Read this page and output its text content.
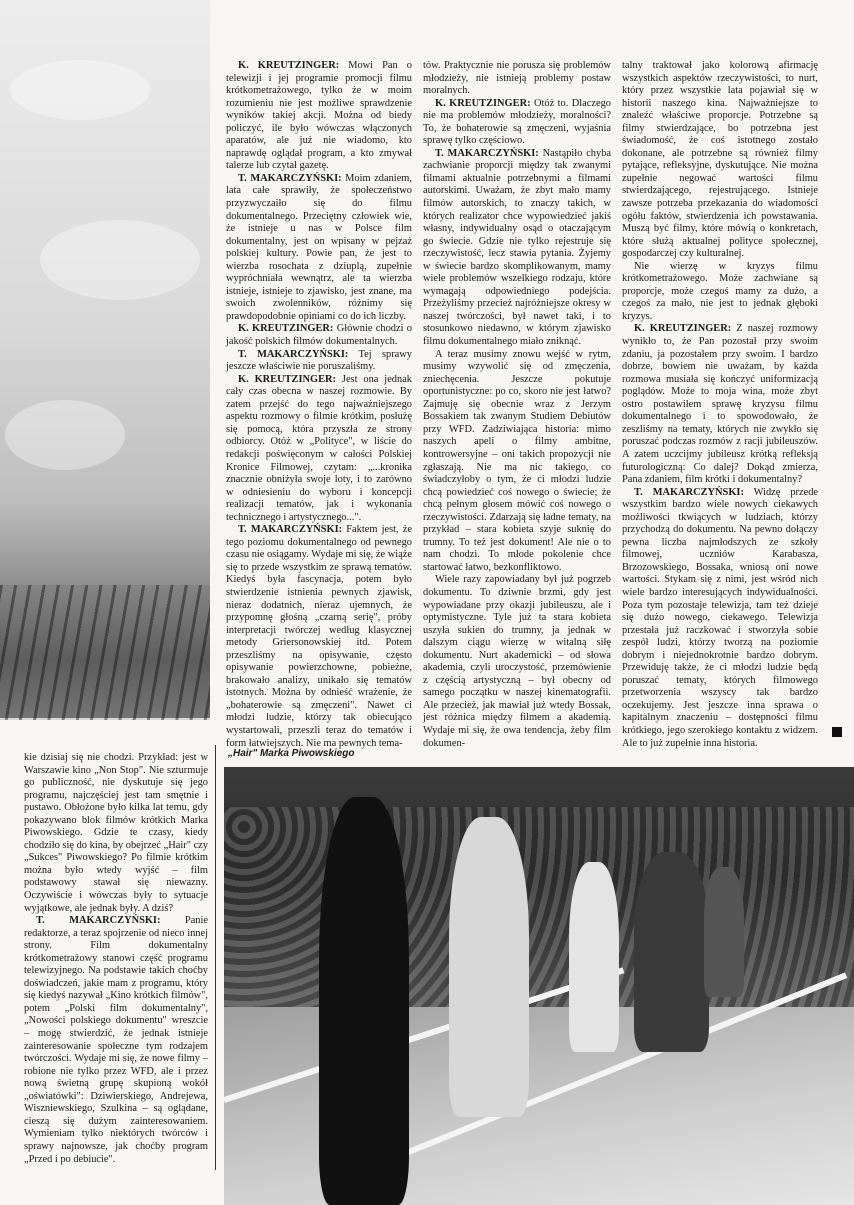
K. KREUTZINGER: Mowi Pan o telewizji i jej programie promocji filmu krótkometrażowego, tylko że w moim rozumieniu nie jest możliwe sprawdzenie wyników takiej akcji. Można od biedy policzyć, ile było wówczas włączonych aparatów, ale już nie wiadomo, kto naprawdę oglądał program, a kto zmywał talerze lub czytał gazetę.

T. MAKARCZYŃSKI: Moim zdaniem, lata całe sprawiły, że społeczeństwo przyzwyczaiło się do filmu dokumentalnego. Przeciętny człowiek wie, że istnieje u nas w Polsce film dokumentalny, jest on wpisany w pejzaż polskiej kultury. Powie pan, że jest to wierzba rosochata z dziuplą, zupełnie wypróchniała wewnątrz, ale ta wierzba istnieje, istnieje to zjawisko, jest znane, ma swoich zwolenników, różnimy się prawdopodobnie opiniami co do ich liczby.

K. KREUTZINGER: Głównie chodzi o jakość polskich filmów dokumentalnych.

T. MAKARCZYŃSKI: Tej sprawy jeszcze właściwie nie poruszaliśmy.

K. KREUTZINGER: Jest ona jednak cały czas obecna w naszej rozmowie. By zatem przejść do tego najważniejszego aspektu rozmowy o filmie krótkim, posłużę się pomocą, która przyszła ze strony odbiorcy. Otóż w „Polityce", w liście do redakcji poświęconym w całości Polskiej Kronice Filmowej, czytam: „...kronika znacznie obniżyła swoje loty, i to zarówno w odniesieniu do wyboru i koncepcji realizacji tematów, jak i wykonania technicznego i artystycznego...".

T. MAKARCZYŃSKI: Faktem jest, że tego poziomu dokumentalnego od pewnego czasu nie osiągamy. Wydaje mi się, że wiąże się to przede wszystkim ze sprawą tematów. Kiedyś była fascynacja, potem było stwierdzenie istnienia pewnych zjawisk, nieraz dodatnich, nieraz ujemnych, że przypomnę głośną „czarną serię", próby interpretacji twórczej według klasycznej metody Griersonowskiej itd. Potem przeszliśmy na opisywanie, często opisywanie powierzchowne, pobieżne, brakowało analizy, unikało się tematów istotnych. Można by odnieść wrażenie, że „bohaterowie są zmęczeni". Nawet ci młodzi ludzie, którzy tak obiecująco wystartowali, przeszli teraz do tematów i form łatwiejszych. Nie ma pewnych tema-

tów. Praktycznie nie porusza się problemów młodzieży, nie istnieją problemy postaw moralnych.

K. KREUTZINGER: Otóż to. Dlaczego nie ma problemów młodzieży, moralności? To, że bohaterowie są zmęczeni, wyjaśnia sprawę tylko częściowo.

T. MAKARCZYŃSKI: Nastąpiło chyba zachwianie proporcji między tak zwanymi filmami aktualnie potrzebnymi a filmami autorskimi. Uważam, że zbyt mało mamy filmów autorskich, to znaczy takich, w których realizator chce wypowiedzieć jakiś własny, indywidualny osąd o otaczającym go świecie. Gdzie nie tylko rejestruje się rzeczywistość, lecz stawia pytania. Żyjemy w świecie bardzo skomplikowanym, mamy wiele problemów wszelkiego rodzaju, które wymagają odpowiedniego podejścia. Przeżyliśmy przecież najróżniejsze okresy w naszej twórczości, był nawet taki, i to stosunkowo niedawno, w którym zjawisko filmu dokumentalnego miało zniknąć.

A teraz musimy znowu wejść w rytm, musimy wzywolić się od zmęczenia, zniechęcenia. Jeszcze pokutuje oportunistyczne: po co, skoro nie jest łatwo? Zajmuję się obecnie wraz z Jerzym Bossakiem tak zwanym Studiem Debiutów przy WFD. Zadziwiająca historia: mimo naszych apeli o filmy ambitne, kontrowersyjne – oni takich propozycji nie zgłaszają. Nie ma nic takiego, co świadczyłoby o tym, że ci młodzi ludzie chcą powiedzieć coś nowego o świecie; że chcą pełnym głosem mówić coś nowego o rzeczywistości. Zdarzają się ładne tematy, na przykład – stara kobieta szyje suknię do trumny. To też jest dokument! Ale nie o to nam chodzi. To młode pokolenie chce startować łatwo, bezkonfliktowo.

Wiele razy zapowiadany był już pogrzeb dokumentu. To dziwnie brzmi, gdy jest wypowiadane przy okazji jubileuszu, ale i optymistyczne. Tyle już ta stara kobieta uszyła sukien do trumny, ja jednak w dalszym ciągu wierzę w witalną siłę dokumentu. Nurt akademicki – od słowa akademia, czyli uroczystość, przemówienie z częścią artystyczną – był obecny od samego początku w naszej kinematografii. Ale przecież, jak mawiał już wtedy Bossak, jest różnica między filmem a akademią. Wydaje mi się, że owa tendencja, żeby film dokumen-

talny traktował jako kolorową afirmację wszystkich aspektów rzeczywistości, to nurt, który przez wszystkie lata pojawiał się w historii naszego kina. Najważniejsze to znaleźć właściwe proporcje. Potrzebne są filmy stwierdzające, bo potrzebna jest świadomość, że coś istotnego zostało dokonane, ale potrzebne są również filmy pytające, refleksyjne, dyskutujące. Nie można zupełnie negować wartości filmu stwierdzającego, rejestrującego. Istnieje zawsze potrzeba przekazania do wiadomości ogółu faktów, stwierdzenia ich powstawania. Muszą być filmy, które mówią o konkretach, które służą aktualnej polityce społecznej, gospodarczej czy kulturalnej.

Nie wierzę w kryzys filmu krótkometrażowego. Może zachwiane są proporcje, może czegoś mamy za dużo, a czegoś za mało, nie jest to jednak głęboki kryzys.

K. KREUTZINGER: Z naszej rozmowy wynikło to, że Pan pozostał przy swoim zdaniu, ja pozostałem przy swoim. I bardzo dobrze, bowiem nie uważam, by każda rozmowa musiała się kończyć uniformizacją poglądów. Może to moja wina, może zbyt ostro postawiłem sprawę kryzysu filmu dokumentalnego i to spowodowało, że zeszliśmy na tematy, których nie zwykło się poruszać podczas rozmów z racji jubileuszów. A zatem uczcijmy jubileusz krótką refleksją futurologiczną: Co dalej? Dokąd zmierza, Pana zdaniem, film krótki i dokumentalny?

T. MAKARCZYŃSKI: Widzę przede wszystkim bardzo wiele nowych ciekawych możliwości tkwiących w ludziach, którzy przychodzą do dokumentu. Na pewno dołączy pewna liczba najmłodszych ze szkoły filmowej, uczniów Karabasza, Brzozowskiego, Bossaka, wniosą oni nowe wartości. Stykam się z nimi, jest wśród nich wiele bardzo interesujących indywidualności. Poza tym pozostaje telewizja, tam też dzieje się dużo nowego, ciekawego. Telewizja przestała już raczkować i stworzyła sobie zespół ludzi, którzy tworzą na poziomie dobrym i niejednokrotnie bardzo dobrym. Przewiduję także, że ci młodzi ludzie będą poruszać tematy, których filmowego przetworzenia wszyscy tak bardzo oczekujemy. Jest jeszcze inna sprawa o kapitalnym znaczeniu – dostępności filmu krótkiego, jego szerokiego kontaktu z widzem. Ale to już zupełnie inna historia.

„Hair" Marka Piwowskiego

kie dzisiaj się nie chodzi. Przykład: jest w Warszawie kino „Non Stop". Nie szturmuje go publiczność, nie dyskutuje się jego programu, najczęściej jest tam smętnie i pustawo. Obłożone było kilka lat temu, gdy pokazywano blok filmów krótkich Marka Piwowskiego. Gdzie te czasy, kiedy chodziło się do kina, by obejrzeć „Hair" czy „Sukces" Piwowskiego? Po filmie krótkim można było wtedy wyjść – film podstawowy stawał się niewazny. Oczywiście i wówczas były to sytuacje wyjątkowe, ale jednak były. A dziś?

T. MAKARCZYŃSKI: Panie redaktorze, a teraz spojrzenie od nieco innej strony. Film dokumentalny krótkometrażowy stanowi część programu telewizyjnego. Na podstawie takich choćby doświadczeń, jakie mam z programu, który się kiedyś nazywał „Kino krótkich filmów", potem „Polski film dokumentalny", „Nowości polskiego dokumentu" wreszcie – mogę stwierdzić, że jednak istnieje zainteresowanie społeczne tym rodzajem twórczości. Wydaje mi się, że nowe filmy – robione nie tylko przez WFD, ale i przez nową świetną grupę skupioną wokół „oświatówki": Dziwierskiego, Andrejewa, Wiszniewskiego, Szulkina – są oglądane, cieszą się dużym zainteresowaniem. Wymieniam tylko niektórych twórców i sprawy najnowsze, jak choćby program „Przed i po debiucie".
